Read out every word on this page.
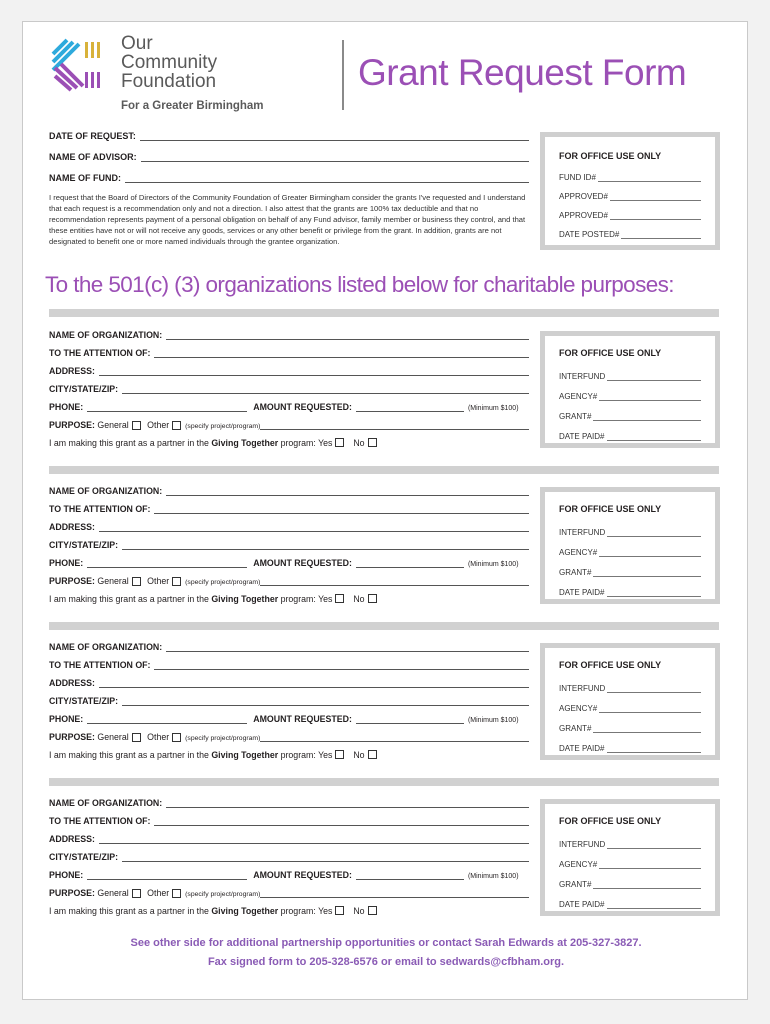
Our
Community
Foundation
For a Greater Birmingham
Grant Request Form
DATE OF REQUEST:
NAME OF ADVISOR:
NAME OF FUND:
I request that the Board of Directors of the Community Foundation of Greater Birmingham consider the grants I've requested and I understand that each request is a recommendation only and not a direction. I also attest that the grants are 100% tax deductible and that no recommendation represents payment of a personal obligation on behalf of any Fund advisor, family member or business they control, and that these entities have not or will not receive any goods, services or any other benefit or privilege from the grant. In addition, grants are not designated to benefit one or more named individuals through the grantee organization.
FOR OFFICE USE ONLY
FUND ID#
APPROVED#
APPROVED#
DATE POSTED#
To the 501(c) (3) organizations listed below for charitable purposes:
NAME OF ORGANIZATION:
TO THE ATTENTION OF:
ADDRESS:
CITY/STATE/ZIP:
PHONE:	AMOUNT REQUESTED:	(Minimum $100)
PURPOSE:
General
Other (specify project/program)
I am making this grant as a partner in the Giving Together program: Yes No
FOR OFFICE USE ONLY
INTERFUND
AGENCY#
GRANT#
DATE PAID#
NAME OF ORGANIZATION:
TO THE ATTENTION OF:
ADDRESS:
CITY/STATE/ZIP:
PHONE:	AMOUNT REQUESTED:	(Minimum $100)
PURPOSE:
General
Other (specify project/program)
I am making this grant as a partner in the Giving Together program: Yes No
FOR OFFICE USE ONLY
INTERFUND
AGENCY#
GRANT#
DATE PAID#
NAME OF ORGANIZATION:
TO THE ATTENTION OF:
ADDRESS:
CITY/STATE/ZIP:
PHONE:	AMOUNT REQUESTED:	(Minimum $100)
PURPOSE:
General
Other (specify project/program)
I am making this grant as a partner in the Giving Together program: Yes No
FOR OFFICE USE ONLY
INTERFUND
AGENCY#
GRANT#
DATE PAID#
NAME OF ORGANIZATION:
TO THE ATTENTION OF:
ADDRESS:
CITY/STATE/ZIP:
PHONE:	AMOUNT REQUESTED:	(Minimum $100)
PURPOSE:
General
Other (specify project/program)
I am making this grant as a partner in the Giving Together program: Yes No
FOR OFFICE USE ONLY
INTERFUND
AGENCY#
GRANT#
DATE PAID#
See other side for additional partnership opportunities or contact Sarah Edwards at 205-327-3827.
Fax signed form to 205-328-6576 or email to sedwards@cfbham.org.
